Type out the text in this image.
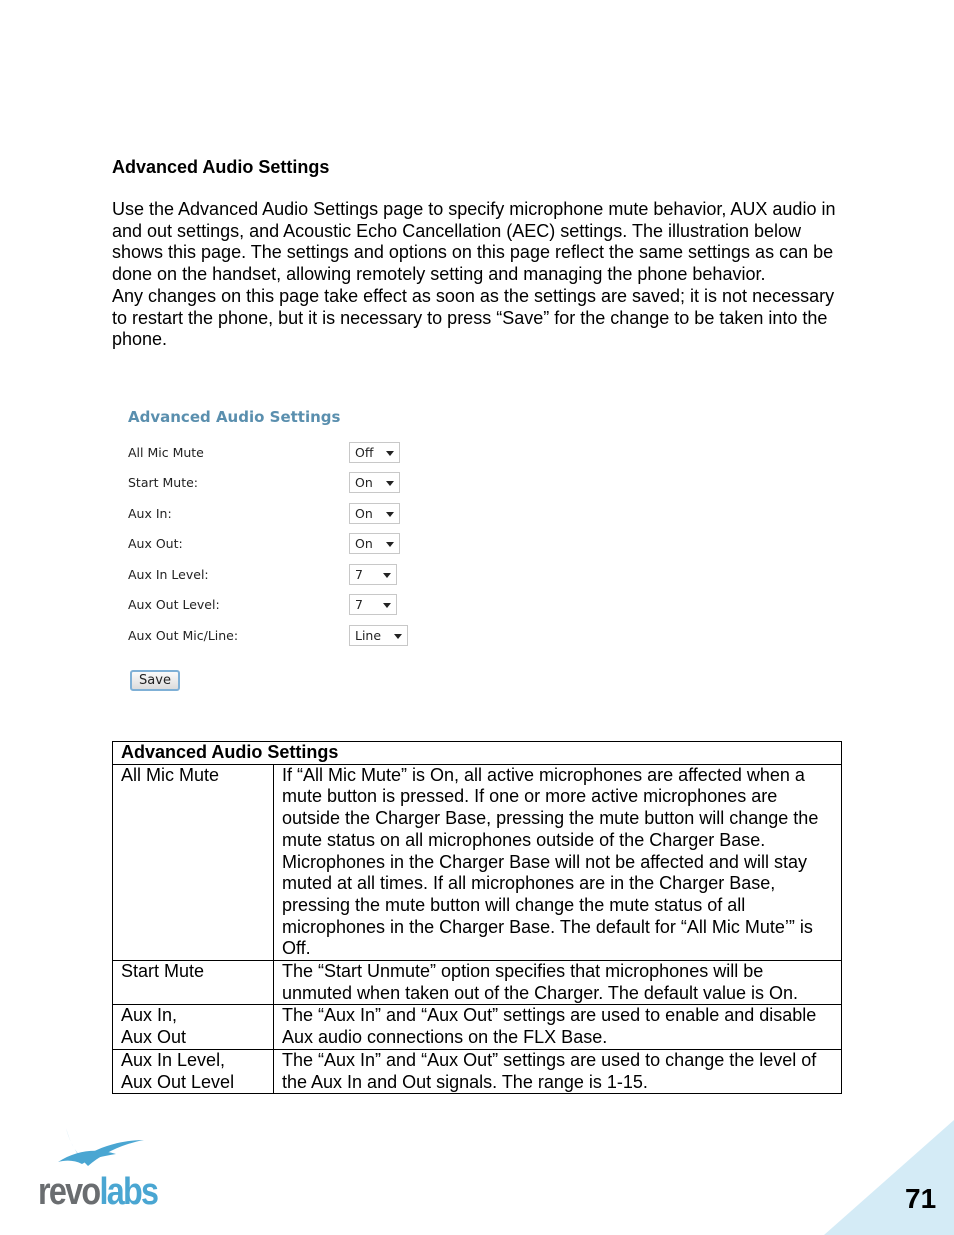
Advanced Audio Settings

Use the Advanced Audio Settings page to specify microphone mute behavior, AUX audio in and out settings, and Acoustic Echo Cancellation (AEC) settings. The illustration below shows this page. The settings and options on this page reflect the same settings as can be done on the handset, allowing remotely setting and managing the phone behavior.

Any changes on this page take effect as soon as the settings are saved; it is not necessary to restart the phone, but it is necessary to press “Save” for the change to be taken into the phone.

Advanced Audio Settings
All Mic Mute	Off
Start Mute:	On
Aux In:	On
Aux Out:	On
Aux In Level:	7
Aux Out Level:	7
Aux Out Mic/Line:	Line
Save
Advanced Audio Settings	

All Mic Mute	If “All Mic Mute” is On, all active microphones are affected when a mute button is pressed. If one or more active microphones are outside the Charger Base, pressing the mute button will change the mute status on all microphones outside of the Charger Base. Microphones in the Charger Base will not be affected and will stay muted at all times. If all microphones are in the Charger Base, pressing the mute button will change the mute status of all microphones in the Charger Base. The default for “All Mic Mute’” is Off.

Start Mute	The “Start Unmute” option specifies that microphones will be unmuted when taken out of the Charger. The default value is On.

Aux In,
Aux Out	The “Aux In” and “Aux Out” settings are used to enable and disable Aux audio connections on the FLX Base.

Aux In Level,
Aux Out Level	The “Aux In” and “Aux Out” settings are used to change the level of the Aux In and Out signals. The range is 1-15.
revolabs	71
